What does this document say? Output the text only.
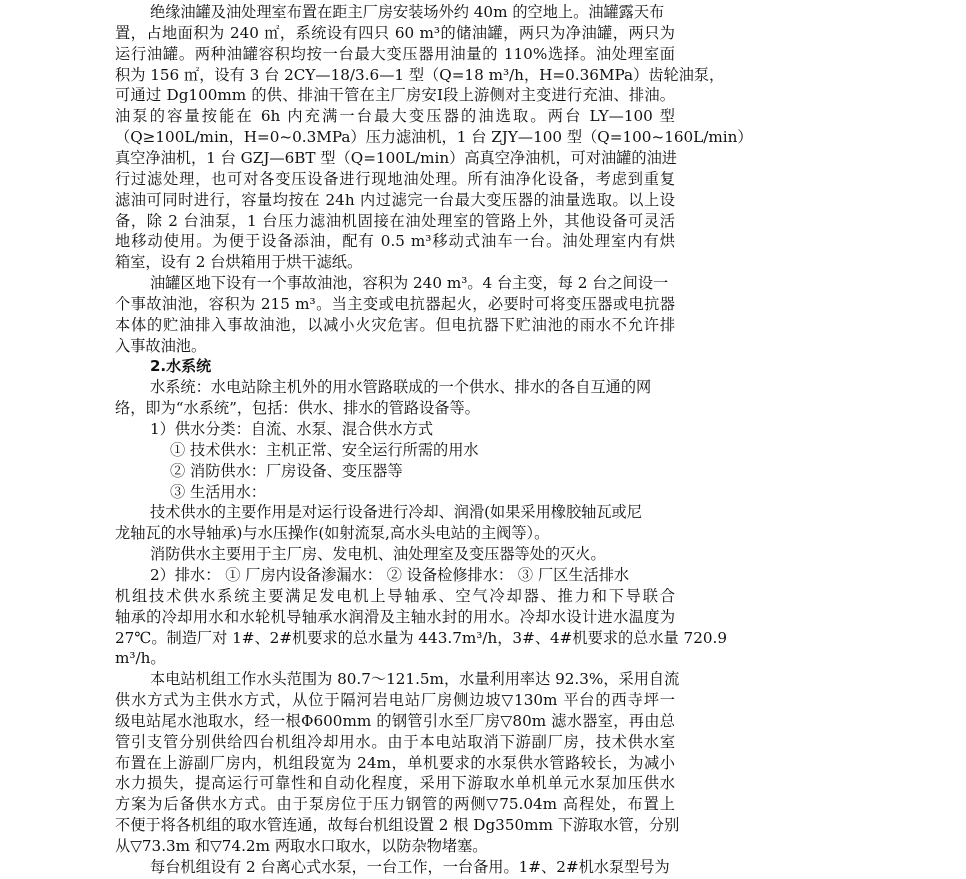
绝缘油罐及油处理室布置在距主厂房安装场外约 40m 的空地上。油罐露天布

置，占地面积为 240 ㎡，系统设有四只 60 m³的储油罐，两只为净油罐，两只为

运行油罐。两种油罐容积均按一台最大变压器用油量的 110%选择。油处理室面

积为 156 ㎡，设有 3 台 2CY—18/3.6—1 型（Q=18 m³/h，H=0.36MPa）齿轮油泵，

可通过 Dg100mm 的供、排油干管在主厂房安Ⅰ段上游侧对主变进行充油、排油。

油泵的容量按能在 6h 内充满一台最大变压器的油选取。两台 LY—100 型

（Q≥100L/min，H=0~0.3MPa）压力滤油机，1 台 ZJY—100 型（Q=100~160L/min）

真空净油机，1 台 GZJ—6BT 型（Q=100L/min）高真空净油机，可对油罐的油进

行过滤处理，也可对各变压设备进行现地油处理。所有油净化设备，考虑到重复

滤油可同时进行，容量均按在 24h 内过滤完一台最大变压器的油量选取。以上设

备，除 2 台油泵，1 台压力滤油机固接在油处理室的管路上外，其他设备可灵活

地移动使用。为便于设备添油，配有 0.5 m³移动式油车一台。油处理室内有烘

箱室，设有 2 台烘箱用于烘干滤纸。

油罐区地下设有一个事故油池，容积为 240 m³。4 台主变，每 2 台之间设一

个事故油池，容积为 215 m³。当主变或电抗器起火，必要时可将变压器或电抗器

本体的贮油排入事故油池，以减小火灾危害。但电抗器下贮油池的雨水不允许排

入事故油池。

2.水系统

水系统：水电站除主机外的用水管路联成的一个供水、排水的各自互通的网

络，即为“水系统”，包括：供水、排水的管路设备等。

1）供水分类：自流、水泵、混合供水方式

① 技术供水：主机正常、安全运行所需的用水

② 消防供水：厂房设备、变压器等

③ 生活用水：

技术供水的主要作用是对运行设备进行冷却、润滑(如果采用橡胶轴瓦或尼

龙轴瓦的水导轴承)与水压操作(如射流泵,高水头电站的主阀等）。

消防供水主要用于主厂房、发电机、油处理室及变压器等处的灭火。

2）排水： ① 厂房内设备渗漏水： ② 设备检修排水： ③ 厂区生活排水

机组技术供水系统主要满足发电机上导轴承、空气冷却器、推力和下导联合

轴承的冷却用水和水轮机导轴承水润滑及主轴水封的用水。冷却水设计进水温度为

27℃。制造厂对 1#、2#机要求的总水量为 443.7m³/h，3#、4#机要求的总水量 720.9

m³/h。

本电站机组工作水头范围为 80.7～121.5m，水量利用率达 92.3%，采用自流

供水方式为主供水方式，从位于隔河岩电站厂房侧边坡▽130m 平台的西寺坪一

级电站尾水池取水，经一根Φ600mm 的钢管引水至厂房▽80m 滤水器室，再由总

管引支管分别供给四台机组冷却用水。由于本电站取消下游副厂房，技术供水室

布置在上游副厂房内，机组段宽为 24m，单机要求的水泵供水管路较长，为减小

水力损失，提高运行可靠性和自动化程度，采用下游取水单机单元水泵加压供水

方案为后备供水方式。由于泵房位于压力钢管的两侧▽75.04m 高程处，布置上

不便于将各机组的取水管连通，故每台机组设置 2 根 Dg350mm 下游取水管，分别

从▽73.3m 和▽74.2m 两取水口取水，以防杂物堵塞。

每台机组设有 2 台离心式水泵，一台工作，一台备用。1#、2#机水泵型号为
